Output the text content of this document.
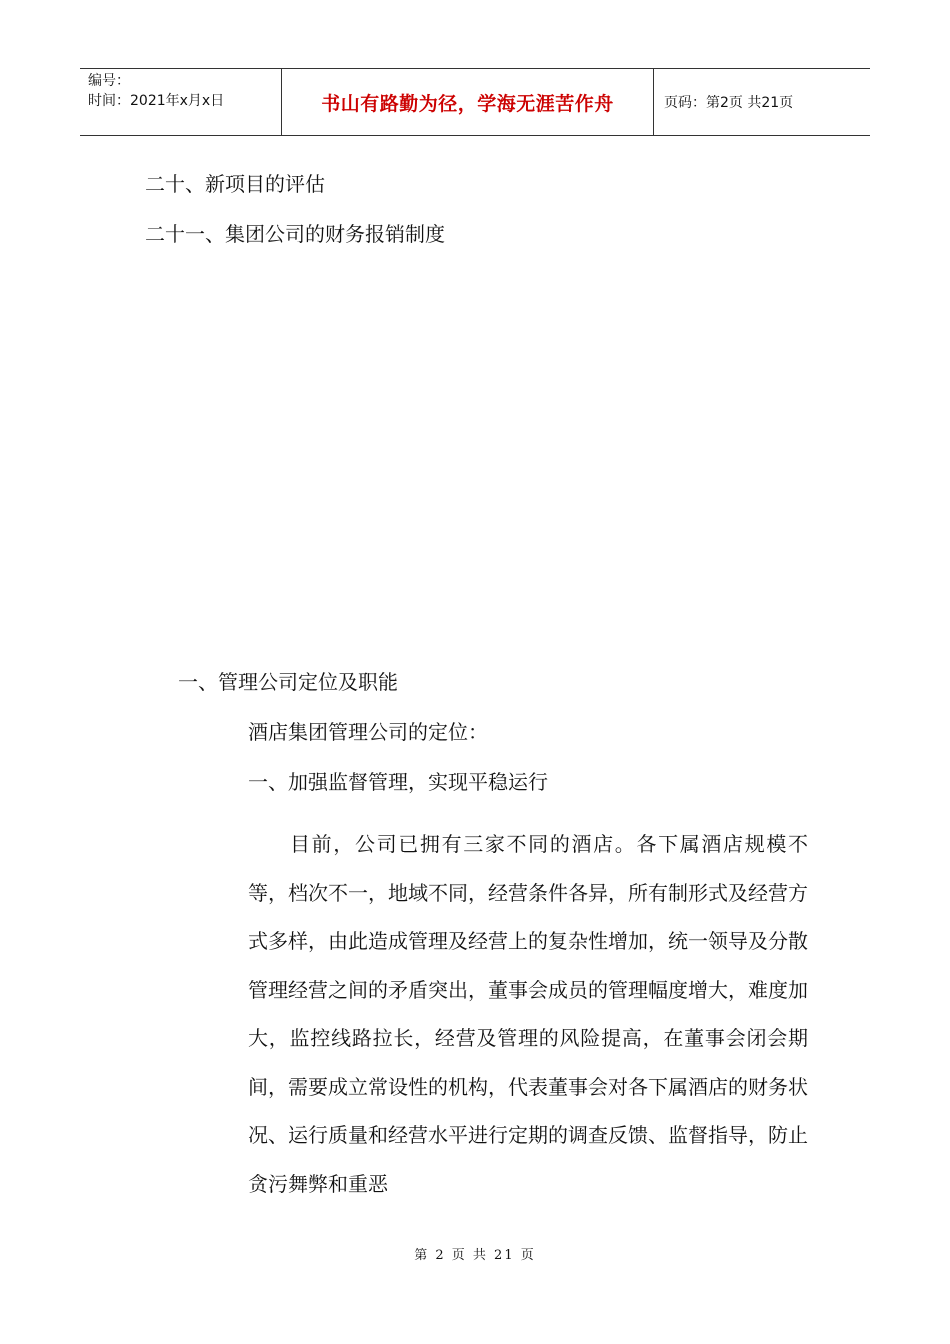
编号：
时间：2021年x月x日	书山有路勤为径，学海无涯苦作舟	页码：第2页 共21页
二十、新项目的评估
二十一、集团公司的财务报销制度
一、管理公司定位及职能
酒店集团管理公司的定位：
一、加强监督管理，实现平稳运行

目前，公司已拥有三家不同的酒店。各下属酒店规模不等，档次不一，地域不同，经营条件各异，所有制形式及经营方式多样，由此造成管理及经营上的复杂性增加，统一领导及分散管理经营之间的矛盾突出，董事会成员的管理幅度增大，难度加大，监控线路拉长，经营及管理的风险提高，在董事会闭会期间，需要成立常设性的机构，代表董事会对各下属酒店的财务状况、运行质量和经营水平进行定期的调查反馈、监督指导，防止贪污舞弊和重恶

第 2 页 共 21 页
